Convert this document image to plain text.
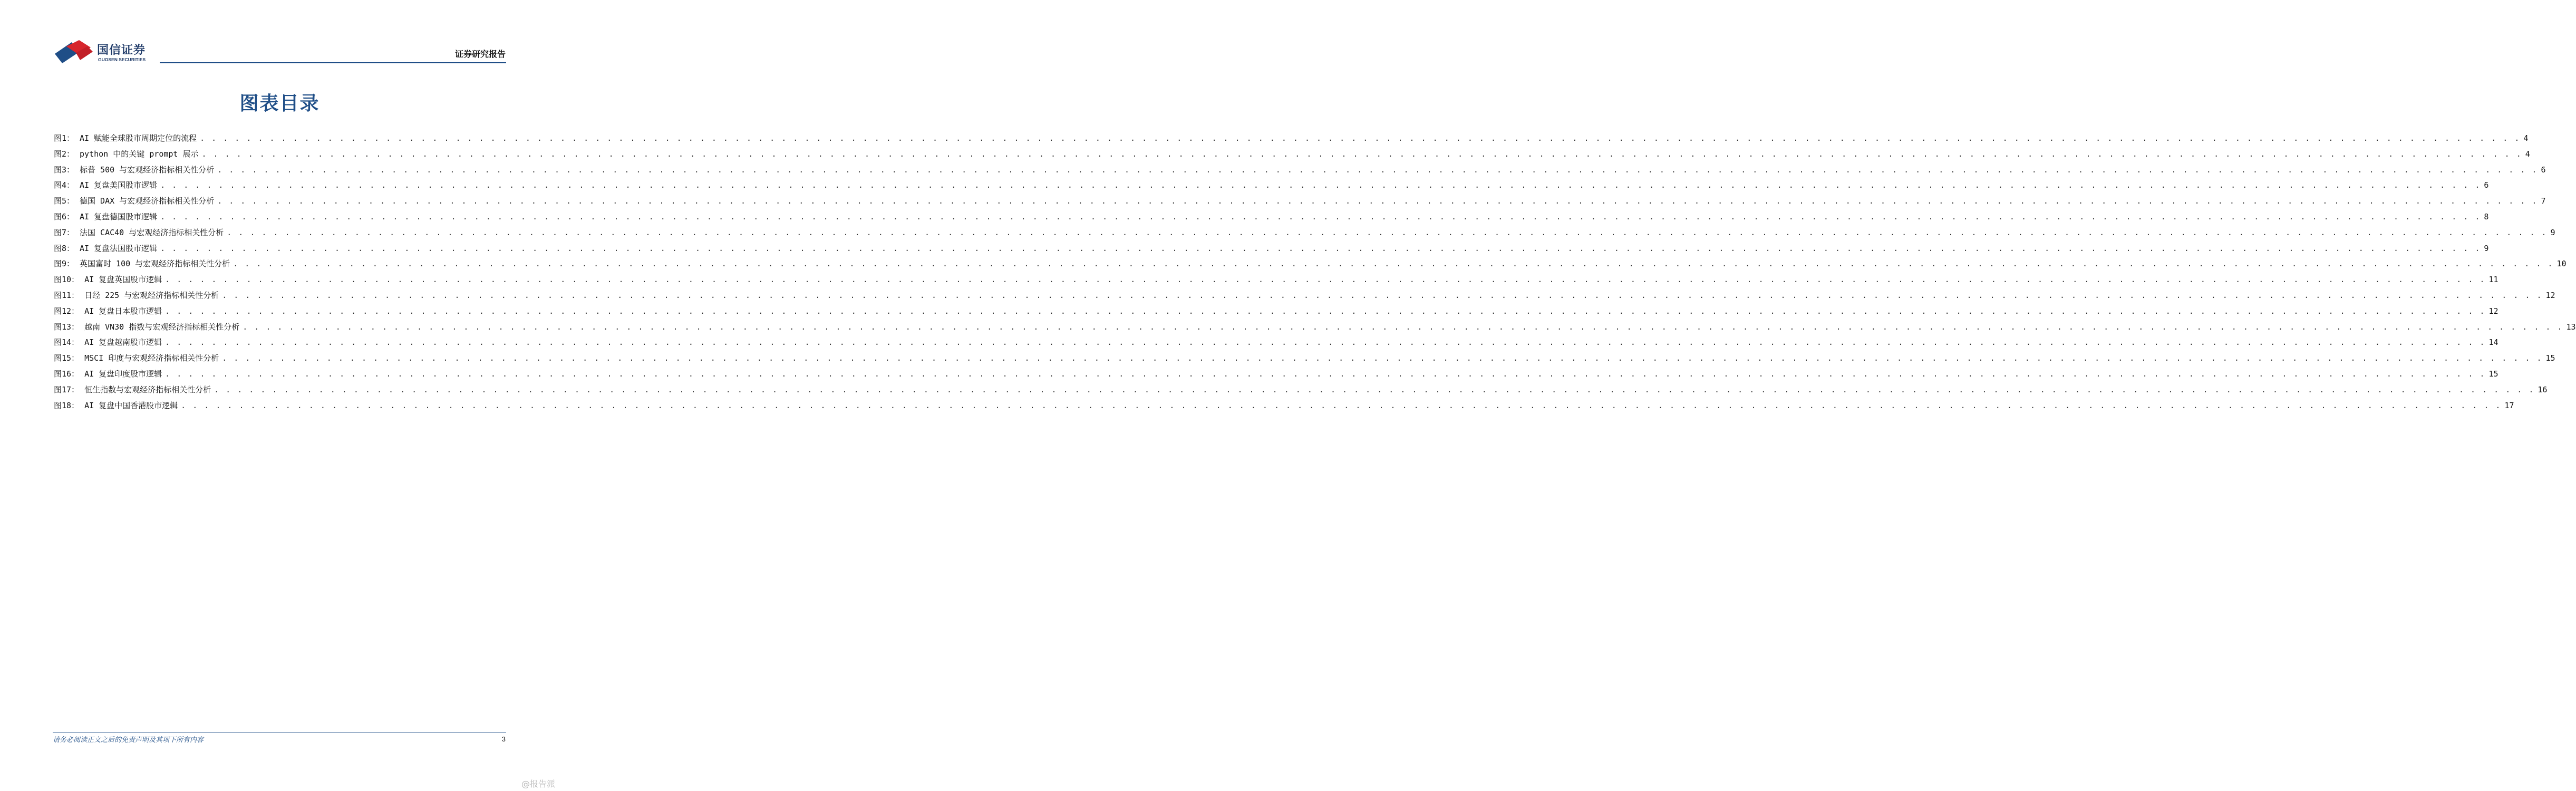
国信证券
GUOSEN SECURITIES
证券研究报告
图表目录
图1： AI 赋能全球股市周期定位的流程 . . . . . . . . . . . . . . . . . . . . . . . . . . . . . . . . . . . . . . . . . . . . . . . . . . . . . . . . . . . . . . . . . . . . . . . . . . . . . . . . . . . . . . . . . . . . . . . . . . . . . . . . . . . . . . . . . . . . . . . . . . . . . . . . . . . . . . . . . . . . . . . . . . . . . . . . . . . . . . . . . . . . . . . . . . . . . . . . . . . . . . . . . . . . . . . . . . . . . . . . 4
图2： python 中的关键 prompt 展示 . . . . . . . . . . . . . . . . . . . . . . . . . . . . . . . . . . . . . . . . . . . . . . . . . . . . . . . . . . . . . . . . . . . . . . . . . . . . . . . . . . . . . . . . . . . . . . . . . . . . . . . . . . . . . . . . . . . . . . . . . . . . . . . . . . . . . . . . . . . . . . . . . . . . . . . . . . . . . . . . . . . . . . . . . . . . . . . . . . . . . . . . . . . . . . . . . . . . . . . . 4
图3： 标普 500 与宏观经济指标相关性分析 . . . . . . . . . . . . . . . . . . . . . . . . . . . . . . . . . . . . . . . . . . . . . . . . . . . . . . . . . . . . . . . . . . . . . . . . . . . . . . . . . . . . . . . . . . . . . . . . . . . . . . . . . . . . . . . . . . . . . . . . . . . . . . . . . . . . . . . . . . . . . . . . . . . . . . . . . . . . . . . . . . . . . . . . . . . . . . . . . . . . . . . . . . . . . . . . . . . . . . . . 6
图4： AI 复盘美国股市逻辑 . . . . . . . . . . . . . . . . . . . . . . . . . . . . . . . . . . . . . . . . . . . . . . . . . . . . . . . . . . . . . . . . . . . . . . . . . . . . . . . . . . . . . . . . . . . . . . . . . . . . . . . . . . . . . . . . . . . . . . . . . . . . . . . . . . . . . . . . . . . . . . . . . . . . . . . . . . . . . . . . . . . . . . . . . . . . . . . . . . . . . . . . . . . . . . . . . . . . . . . . 6
图5： 德国 DAX 与宏观经济指标相关性分析 . . . . . . . . . . . . . . . . . . . . . . . . . . . . . . . . . . . . . . . . . . . . . . . . . . . . . . . . . . . . . . . . . . . . . . . . . . . . . . . . . . . . . . . . . . . . . . . . . . . . . . . . . . . . . . . . . . . . . . . . . . . . . . . . . . . . . . . . . . . . . . . . . . . . . . . . . . . . . . . . . . . . . . . . . . . . . . . . . . . . . . . . . . . . . . . . . . . . . . . . 7
图6： AI 复盘德国股市逻辑 . . . . . . . . . . . . . . . . . . . . . . . . . . . . . . . . . . . . . . . . . . . . . . . . . . . . . . . . . . . . . . . . . . . . . . . . . . . . . . . . . . . . . . . . . . . . . . . . . . . . . . . . . . . . . . . . . . . . . . . . . . . . . . . . . . . . . . . . . . . . . . . . . . . . . . . . . . . . . . . . . . . . . . . . . . . . . . . . . . . . . . . . . . . . . . . . . . . . . . . . 8
图7： 法国 CAC40 与宏观经济指标相关性分析 . . . . . . . . . . . . . . . . . . . . . . . . . . . . . . . . . . . . . . . . . . . . . . . . . . . . . . . . . . . . . . . . . . . . . . . . . . . . . . . . . . . . . . . . . . . . . . . . . . . . . . . . . . . . . . . . . . . . . . . . . . . . . . . . . . . . . . . . . . . . . . . . . . . . . . . . . . . . . . . . . . . . . . . . . . . . . . . . . . . . . . . . . . . . . . . . . . . . . . . . 9
图8： AI 复盘法国股市逻辑 . . . . . . . . . . . . . . . . . . . . . . . . . . . . . . . . . . . . . . . . . . . . . . . . . . . . . . . . . . . . . . . . . . . . . . . . . . . . . . . . . . . . . . . . . . . . . . . . . . . . . . . . . . . . . . . . . . . . . . . . . . . . . . . . . . . . . . . . . . . . . . . . . . . . . . . . . . . . . . . . . . . . . . . . . . . . . . . . . . . . . . . . . . . . . . . . . . . . . . . . 9
图9： 英国富时 100 与宏观经济指标相关性分析 . . . . . . . . . . . . . . . . . . . . . . . . . . . . . . . . . . . . . . . . . . . . . . . . . . . . . . . . . . . . . . . . . . . . . . . . . . . . . . . . . . . . . . . . . . . . . . . . . . . . . . . . . . . . . . . . . . . . . . . . . . . . . . . . . . . . . . . . . . . . . . . . . . . . . . . . . . . . . . . . . . . . . . . . . . . . . . . . . . . . . . . . . . . . . . . . . . . . . . . . 10
图10： AI 复盘英国股市逻辑 . . . . . . . . . . . . . . . . . . . . . . . . . . . . . . . . . . . . . . . . . . . . . . . . . . . . . . . . . . . . . . . . . . . . . . . . . . . . . . . . . . . . . . . . . . . . . . . . . . . . . . . . . . . . . . . . . . . . . . . . . . . . . . . . . . . . . . . . . . . . . . . . . . . . . . . . . . . . . . . . . . . . . . . . . . . . . . . . . . . . . . . . . . . . . . . . . . . . . . . . 11
图11： 日经 225 与宏观经济指标相关性分析 . . . . . . . . . . . . . . . . . . . . . . . . . . . . . . . . . . . . . . . . . . . . . . . . . . . . . . . . . . . . . . . . . . . . . . . . . . . . . . . . . . . . . . . . . . . . . . . . . . . . . . . . . . . . . . . . . . . . . . . . . . . . . . . . . . . . . . . . . . . . . . . . . . . . . . . . . . . . . . . . . . . . . . . . . . . . . . . . . . . . . . . . . . . . . . . . . . . . . . . . 12
图12： AI 复盘日本股市逻辑 . . . . . . . . . . . . . . . . . . . . . . . . . . . . . . . . . . . . . . . . . . . . . . . . . . . . . . . . . . . . . . . . . . . . . . . . . . . . . . . . . . . . . . . . . . . . . . . . . . . . . . . . . . . . . . . . . . . . . . . . . . . . . . . . . . . . . . . . . . . . . . . . . . . . . . . . . . . . . . . . . . . . . . . . . . . . . . . . . . . . . . . . . . . . . . . . . . . . . . . . 12
图13： 越南 VN30 指数与宏观经济指标相关性分析 . . . . . . . . . . . . . . . . . . . . . . . . . . . . . . . . . . . . . . . . . . . . . . . . . . . . . . . . . . . . . . . . . . . . . . . . . . . . . . . . . . . . . . . . . . . . . . . . . . . . . . . . . . . . . . . . . . . . . . . . . . . . . . . . . . . . . . . . . . . . . . . . . . . . . . . . . . . . . . . . . . . . . . . . . . . . . . . . . . . . . . . . . . . . . . . . . . . . . . . . 13
图14： AI 复盘越南股市逻辑 . . . . . . . . . . . . . . . . . . . . . . . . . . . . . . . . . . . . . . . . . . . . . . . . . . . . . . . . . . . . . . . . . . . . . . . . . . . . . . . . . . . . . . . . . . . . . . . . . . . . . . . . . . . . . . . . . . . . . . . . . . . . . . . . . . . . . . . . . . . . . . . . . . . . . . . . . . . . . . . . . . . . . . . . . . . . . . . . . . . . . . . . . . . . . . . . . . . . . . . . 14
图15： MSCI 印度与宏观经济指标相关性分析 . . . . . . . . . . . . . . . . . . . . . . . . . . . . . . . . . . . . . . . . . . . . . . . . . . . . . . . . . . . . . . . . . . . . . . . . . . . . . . . . . . . . . . . . . . . . . . . . . . . . . . . . . . . . . . . . . . . . . . . . . . . . . . . . . . . . . . . . . . . . . . . . . . . . . . . . . . . . . . . . . . . . . . . . . . . . . . . . . . . . . . . . . . . . . . . . . . . . . . . . 15
图16： AI 复盘印度股市逻辑 . . . . . . . . . . . . . . . . . . . . . . . . . . . . . . . . . . . . . . . . . . . . . . . . . . . . . . . . . . . . . . . . . . . . . . . . . . . . . . . . . . . . . . . . . . . . . . . . . . . . . . . . . . . . . . . . . . . . . . . . . . . . . . . . . . . . . . . . . . . . . . . . . . . . . . . . . . . . . . . . . . . . . . . . . . . . . . . . . . . . . . . . . . . . . . . . . . . . . . . . 15
图17： 恒生指数与宏观经济指标相关性分析 . . . . . . . . . . . . . . . . . . . . . . . . . . . . . . . . . . . . . . . . . . . . . . . . . . . . . . . . . . . . . . . . . . . . . . . . . . . . . . . . . . . . . . . . . . . . . . . . . . . . . . . . . . . . . . . . . . . . . . . . . . . . . . . . . . . . . . . . . . . . . . . . . . . . . . . . . . . . . . . . . . . . . . . . . . . . . . . . . . . . . . . . . . . . . . . . . . . . . . . . 16
图18： AI 复盘中国香港股市逻辑 . . . . . . . . . . . . . . . . . . . . . . . . . . . . . . . . . . . . . . . . . . . . . . . . . . . . . . . . . . . . . . . . . . . . . . . . . . . . . . . . . . . . . . . . . . . . . . . . . . . . . . . . . . . . . . . . . . . . . . . . . . . . . . . . . . . . . . . . . . . . . . . . . . . . . . . . . . . . . . . . . . . . . . . . . . . . . . . . . . . . . . . . . . . . . . . . . . . . . . . . 17
请务必阅读正文之后的免责声明及其项下所有内容	3
@报告派
